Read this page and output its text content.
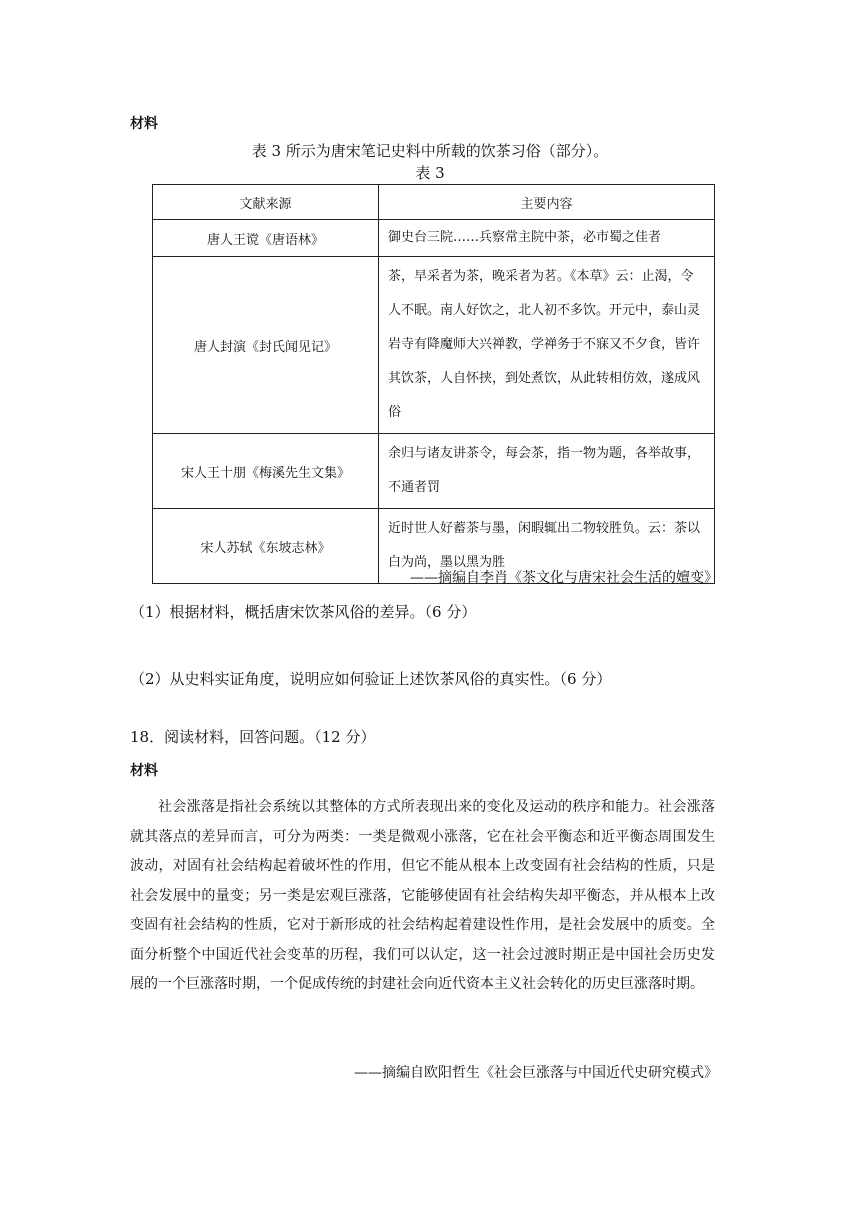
材料
表 3 所示为唐宋笔记史料中所载的饮茶习俗（部分）。
表 3
文献来源	主要内容
唐人王谠《唐语林》	御史台三院……兵察常主院中茶，必市蜀之佳者
唐人封演《封氏闻见记》	茶，早采者为茶，晚采者为茗。《本草》云：止渴，令人不眠。南人好饮之，北人初不多饮。开元中，泰山灵岩寺有降魔师大兴禅教，学禅务于不寐又不夕食，皆许其饮茶，人自怀挟，到处煮饮，从此转相仿效，遂成风俗
宋人王十朋《梅溪先生文集》	余归与诸友讲茶令，每会茶，指一物为题，各举故事，不通者罚
宋人苏轼《东坡志林》	近时世人好蓄茶与墨，闲暇辄出二物较胜负。云：茶以白为尚，墨以黑为胜
——摘编自李肖《茶文化与唐宋社会生活的嬗变》
（1）根据材料，概括唐宋饮茶风俗的差异。（6 分）
（2）从史料实证角度，说明应如何验证上述饮茶风俗的真实性。（6 分）
18．阅读材料，回答问题。（12 分）
材料
社会涨落是指社会系统以其整体的方式所表现出来的变化及运动的秩序和能力。社会涨落就其落点的差异而言，可分为两类：一类是微观小涨落，它在社会平衡态和近平衡态周围发生波动，对固有社会结构起着破坏性的作用，但它不能从根本上改变固有社会结构的性质，只是社会发展中的量变；另一类是宏观巨涨落，它能够使固有社会结构失却平衡态，并从根本上改变固有社会结构的性质，它对于新形成的社会结构起着建设性作用，是社会发展中的质变。全面分析整个中国近代社会变革的历程，我们可以认定，这一社会过渡时期正是中国社会历史发展的一个巨涨落时期，一个促成传统的封建社会向近代资本主义社会转化的历史巨涨落时期。
——摘编自欧阳哲生《社会巨涨落与中国近代史研究模式》
